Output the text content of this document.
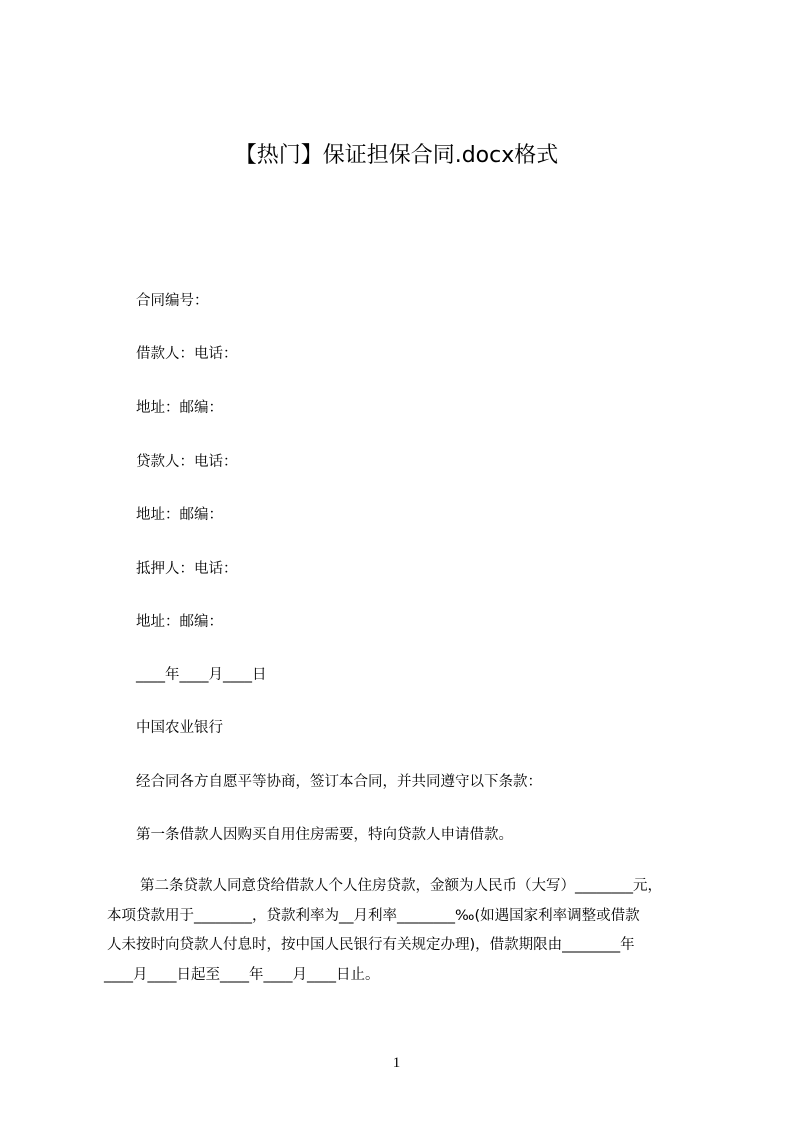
【热门】保证担保合同.docx格式

合同编号：

借款人：电话：

地址：邮编：

贷款人：电话：

地址：邮编：

抵押人：电话：

地址：邮编：

____年____月____日

中国农业银行

经合同各方自愿平等协商，签订本合同，并共同遵守以下条款：

第一条借款人因购买自用住房需要，特向贷款人申请借款。

第二条贷款人同意贷给借款人个人住房贷款，金额为人民币（大写）________元，
本项贷款用于________，贷款利率为__月利率________‰(如遇国家利率调整或借款
人未按时向贷款人付息时，按中国人民银行有关规定办理)，借款期限由________年
____月____日起至____年____月____日止。

1
